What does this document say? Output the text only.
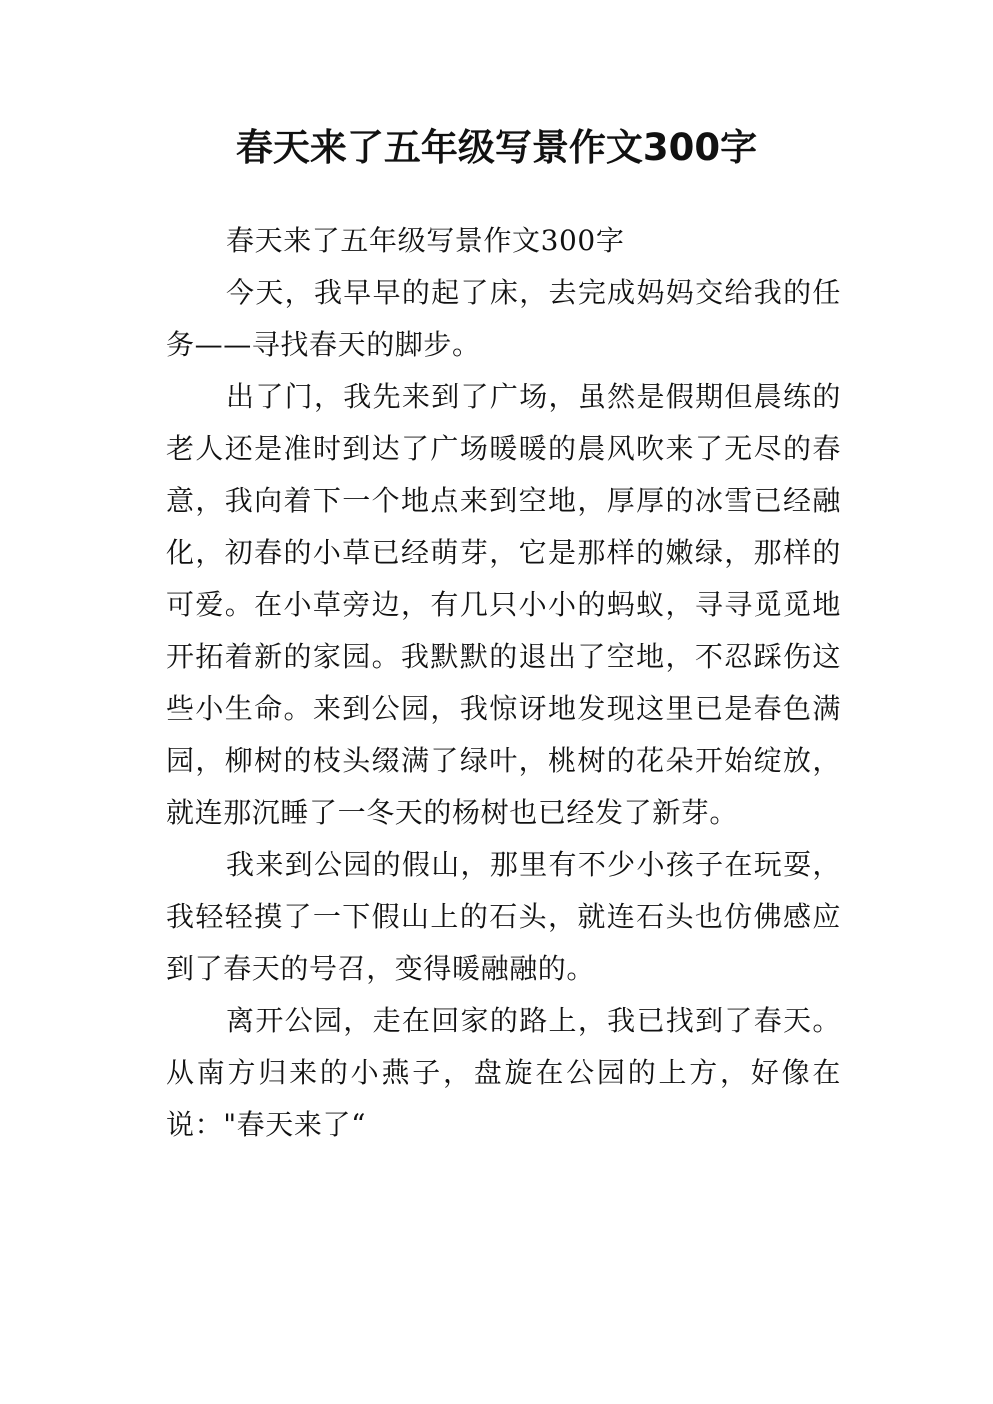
春天来了五年级写景作文300字

春天来了五年级写景作文300字

今天，我早早的起了床，去完成妈妈交给我的任务——寻找春天的脚步。

出了门，我先来到了广场，虽然是假期但晨练的老人还是准时到达了广场暖暖的晨风吹来了无尽的春意，我向着下一个地点来到空地，厚厚的冰雪已经融化，初春的小草已经萌芽，它是那样的嫩绿，那样的可爱。在小草旁边，有几只小小的蚂蚁，寻寻觅觅地开拓着新的家园。我默默的退出了空地，不忍踩伤这些小生命。来到公园，我惊讶地发现这里已是春色满园，柳树的枝头缀满了绿叶，桃树的花朵开始绽放，就连那沉睡了一冬天的杨树也已经发了新芽。

我来到公园的假山，那里有不少小孩子在玩耍，我轻轻摸了一下假山上的石头，就连石头也仿佛感应到了春天的号召，变得暖融融的。

离开公园，走在回家的路上，我已找到了春天。从南方归来的小燕子，盘旋在公园的上方，好像在说："春天来了“
